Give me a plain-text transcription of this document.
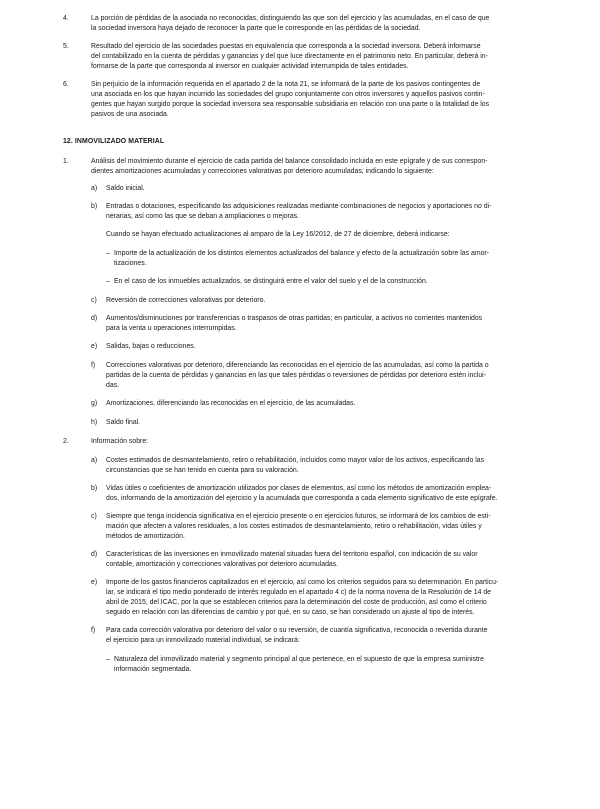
4.	La porción de pérdidas de la asociada no reconocidas, distinguiendo las que son del ejercicio y las acumuladas, en el caso de que
la sociedad inversora haya dejado de reconocer la parte que le corresponde en las pérdidas de la sociedad.
5.	Resultado del ejercicio de las sociedades puestas en equivalencia que corresponda a la sociedad inversora. Deberá informarse
del contabilizado en la cuenta de pérdidas y ganancias y del que luce directamente en el patrimonio neto. En particular, deberá in-
formarse de la parte que corresponda al inversor en cualquier actividad interrumpida de tales entidades.
6.	Sin perjuicio de la información requerida en el apartado 2 de la nota 21, se informará de la parte de los pasivos contingentes de
una asociada en los que hayan incurrido las sociedades del grupo conjuntamente con otros inversores y aquellos pasivos contin-
gentes que hayan surgido porque la sociedad inversora sea responsable subsidiaria en relación con una parte o la totalidad de los
pasivos de una asociada.
12. INMOVILIZADO MATERIAL
1.	Análisis del movimiento durante el ejercicio de cada partida del balance consolidado incluida en este epígrafe y de sus correspon-
dientes amortizaciones acumuladas y correcciones valorativas por deterioro acumuladas; indicando lo siguiente:
a) Saldo inicial.
b) Entradas o dotaciones, especificando las adquisiciones realizadas mediante combinaciones de negocios y aportaciones no di-
nerarias, así como las que se deban a ampliaciones o mejoras.
Cuando se hayan efectuado actualizaciones al amparo de la Ley 16/2012, de 27 de diciembre, deberá indicarse:
– Importe de la actualización de los distintos elementos actualizados del balance y efecto de la actualización sobre las amor-
tizaciones.
– En el caso de los inmuebles actualizados, se distinguirá entre el valor del suelo y el de la construcción.
c) Reversión de correcciones valorativas por deterioro.
d) Aumentos/disminuciones por transferencias o traspasos de otras partidas; en particular, a activos no corrientes mantenidos
para la venta u operaciones interrumpidas.
e) Salidas, bajas o reducciones.
f) Correcciones valorativas por deterioro, diferenciando las reconocidas en el ejercicio de las acumuladas, así como la partida o
partidas de la cuenta de pérdidas y ganancias en las que tales pérdidas o reversiones de pérdidas por deterioro estén inclui-
das.
g) Amortizaciones, diferenciando las reconocidas en el ejercicio, de las acumuladas.
h) Saldo final.
2.	Información sobre:
a) Costes estimados de desmantelamiento, retiro o rehabilitación, incluidos como mayor valor de los activos, especificando las
circunstancias que se han tenido en cuenta para su valoración.
b) Vidas útiles o coeficientes de amortización utilizados por clases de elementos, así como los métodos de amortización emplea-
dos, informando de la amortización del ejercicio y la acumulada que corresponda a cada elemento significativo de este epígrafe.
c) Siempre que tenga incidencia significativa en el ejercicio presente o en ejercicios futuros, se informará de los cambios de esti-
mación que afecten a valores residuales, a los costes estimados de desmantelamiento, retiro o rehabilitación, vidas útiles y
métodos de amortización.
d) Características de las inversiones en inmovilizado material situadas fuera del territorio español, con indicación de su valor
contable, amortización y correcciones valorativas por deterioro acumuladas.
e) Importe de los gastos financieros capitalizados en el ejercicio, así como los criterios seguidos para su determinación. En particu-
lar, se indicará el tipo medio ponderado de interés regulado en el apartado 4 c) de la norma novena de la Resolución de 14 de
abril de 2015, del ICAC, por la que se establecen criterios para la determinación del coste de producción, así como el criterio
seguido en relación con las diferencias de cambio y por qué, en su caso, se han considerado un ajuste al tipo de interés.
f) Para cada corrección valorativa por deterioro del valor o su reversión, de cuantía significativa, reconocida o revertida durante
el ejercicio para un inmovilizado material individual, se indicará:
– Naturaleza del inmovilizado material y segmento principal al que pertenece, en el supuesto de que la empresa suministre
información segmentada.
